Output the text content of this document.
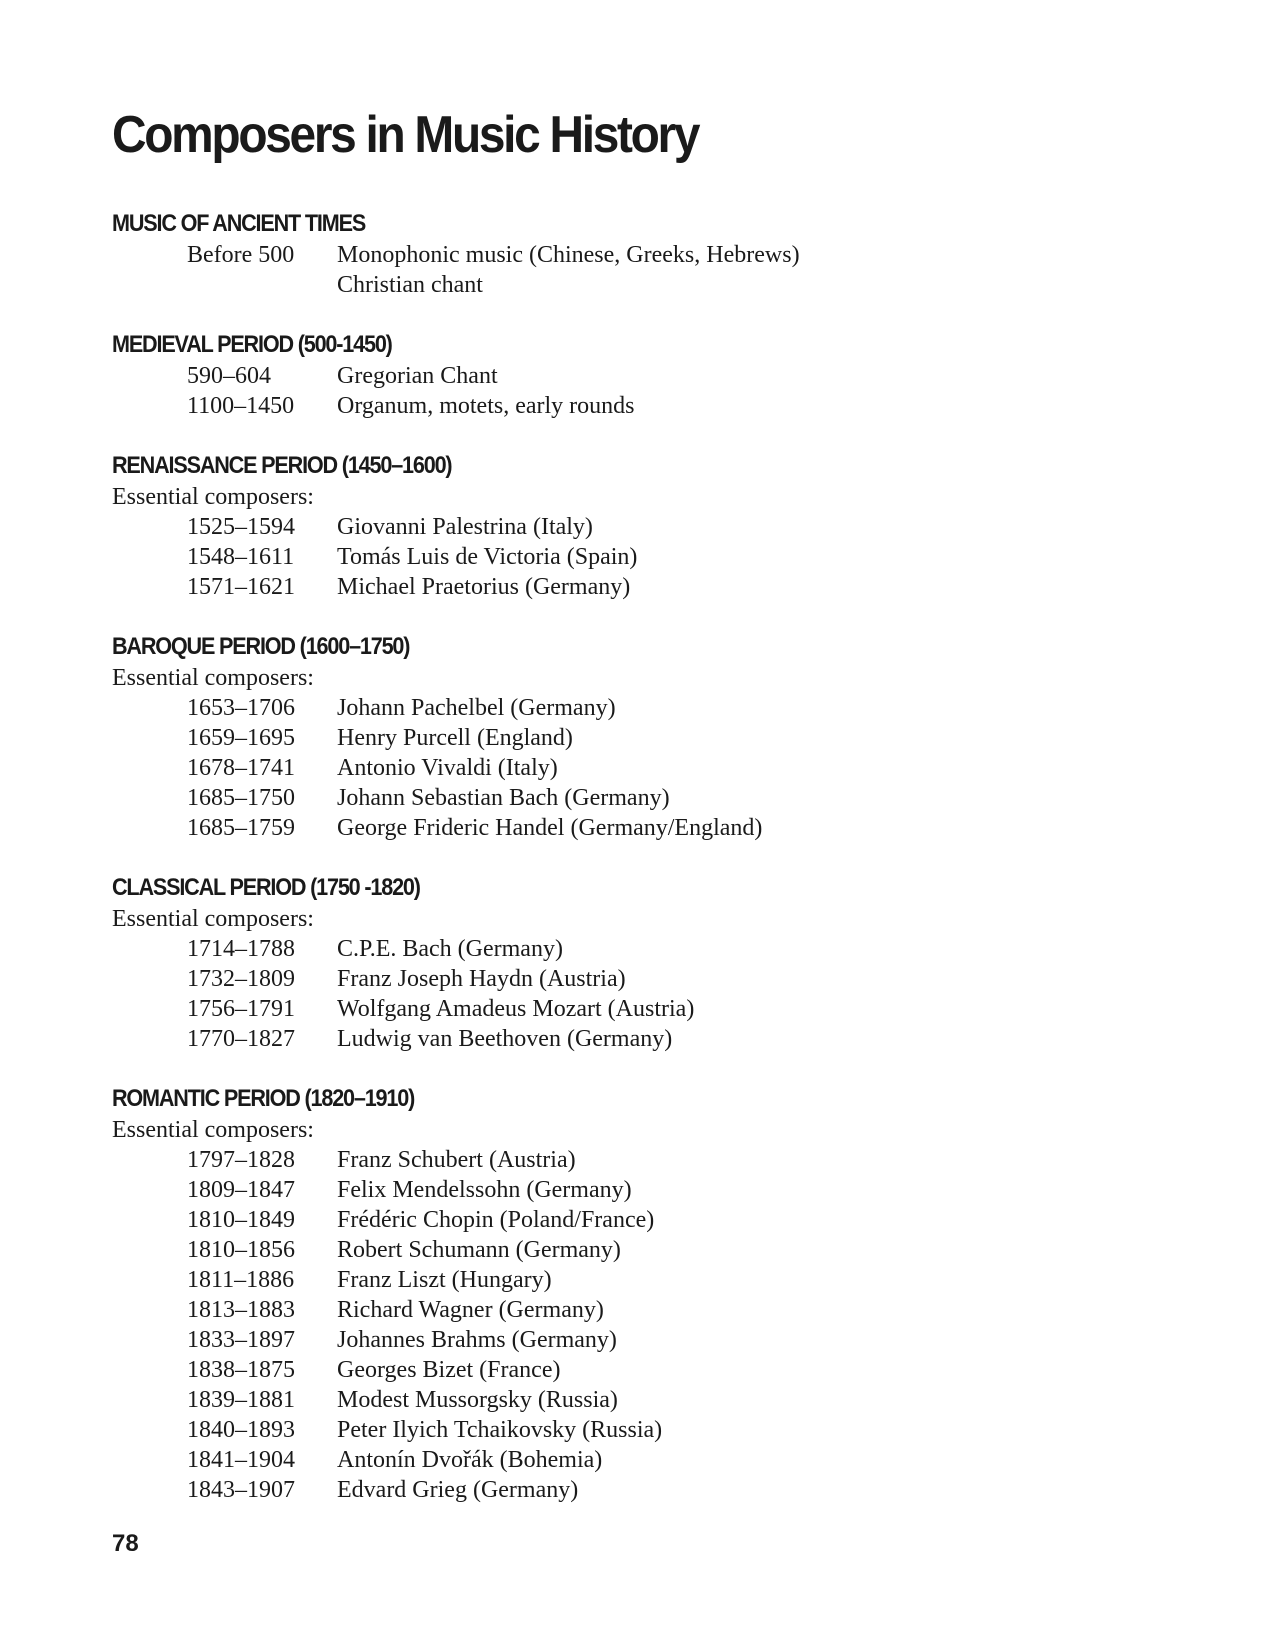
Composers in Music History
MUSIC OF ANCIENT TIMES
Before 500	Monophonic music (Chinese, Greeks, Hebrews)
Christian chant
MEDIEVAL PERIOD (500-1450)
590–604	Gregorian Chant
1100–1450	Organum, motets, early rounds
RENAISSANCE PERIOD (1450–1600)
Essential composers:
1525–1594	Giovanni Palestrina (Italy)
1548–1611	Tomás Luis de Victoria (Spain)
1571–1621	Michael Praetorius (Germany)
BAROQUE PERIOD (1600–1750)
Essential composers:
1653–1706	Johann Pachelbel (Germany)
1659–1695	Henry Purcell (England)
1678–1741	Antonio Vivaldi (Italy)
1685–1750	Johann Sebastian Bach (Germany)
1685–1759	George Frideric Handel (Germany/England)
CLASSICAL PERIOD (1750 -1820)
Essential composers:
1714–1788	C.P.E. Bach (Germany)
1732–1809	Franz Joseph Haydn (Austria)
1756–1791	Wolfgang Amadeus Mozart (Austria)
1770–1827	Ludwig van Beethoven (Germany)
ROMANTIC PERIOD (1820–1910)
Essential composers:
1797–1828	Franz Schubert (Austria)
1809–1847	Felix Mendelssohn (Germany)
1810–1849	Frédéric Chopin (Poland/France)
1810–1856	Robert Schumann (Germany)
1811–1886	Franz Liszt (Hungary)
1813–1883	Richard Wagner (Germany)
1833–1897	Johannes Brahms (Germany)
1838–1875	Georges Bizet (France)
1839–1881	Modest Mussorgsky (Russia)
1840–1893	Peter Ilyich Tchaikovsky (Russia)
1841–1904	Antonín Dvořák (Bohemia)
1843–1907	Edvard Grieg (Germany)
78
